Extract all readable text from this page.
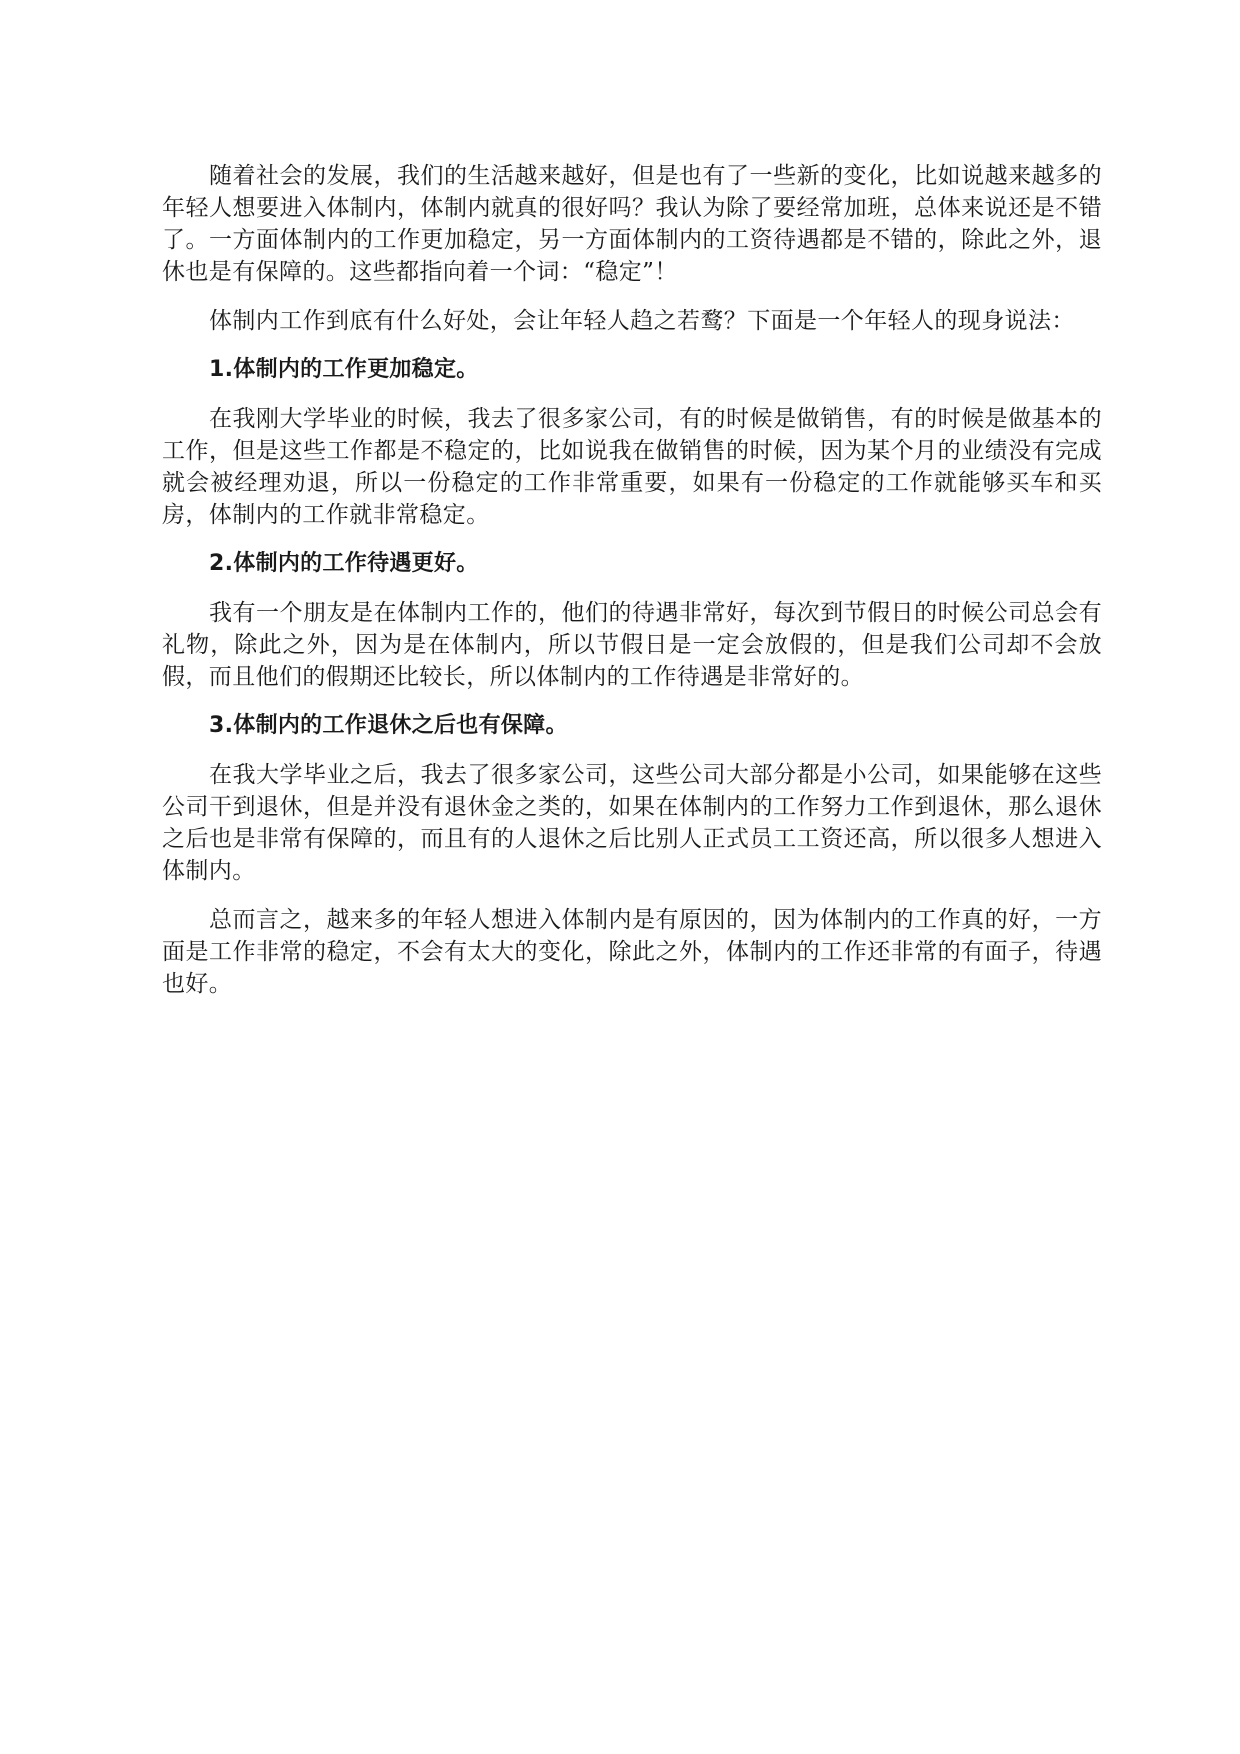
随着社会的发展，我们的生活越来越好，但是也有了一些新的变化，比如说越来越多的年轻人想要进入体制内，体制内就真的很好吗？我认为除了要经常加班，总体来说还是不错了。一方面体制内的工作更加稳定，另一方面体制内的工资待遇都是不错的，除此之外，退休也是有保障的。这些都指向着一个词：“稳定”！

体制内工作到底有什么好处，会让年轻人趋之若鹜？下面是一个年轻人的现身说法：

1.体制内的工作更加稳定。

在我刚大学毕业的时候，我去了很多家公司，有的时候是做销售，有的时候是做基本的工作，但是这些工作都是不稳定的，比如说我在做销售的时候，因为某个月的业绩没有完成就会被经理劝退，所以一份稳定的工作非常重要，如果有一份稳定的工作就能够买车和买房，体制内的工作就非常稳定。

2.体制内的工作待遇更好。

我有一个朋友是在体制内工作的，他们的待遇非常好，每次到节假日的时候公司总会有礼物，除此之外，因为是在体制内，所以节假日是一定会放假的，但是我们公司却不会放假，而且他们的假期还比较长，所以体制内的工作待遇是非常好的。

3.体制内的工作退休之后也有保障。

在我大学毕业之后，我去了很多家公司，这些公司大部分都是小公司，如果能够在这些公司干到退休，但是并没有退休金之类的，如果在体制内的工作努力工作到退休，那么退休之后也是非常有保障的，而且有的人退休之后比别人正式员工工资还高，所以很多人想进入体制内。

总而言之，越来多的年轻人想进入体制内是有原因的，因为体制内的工作真的好，一方面是工作非常的稳定，不会有太大的变化，除此之外，体制内的工作还非常的有面子，待遇也好。
